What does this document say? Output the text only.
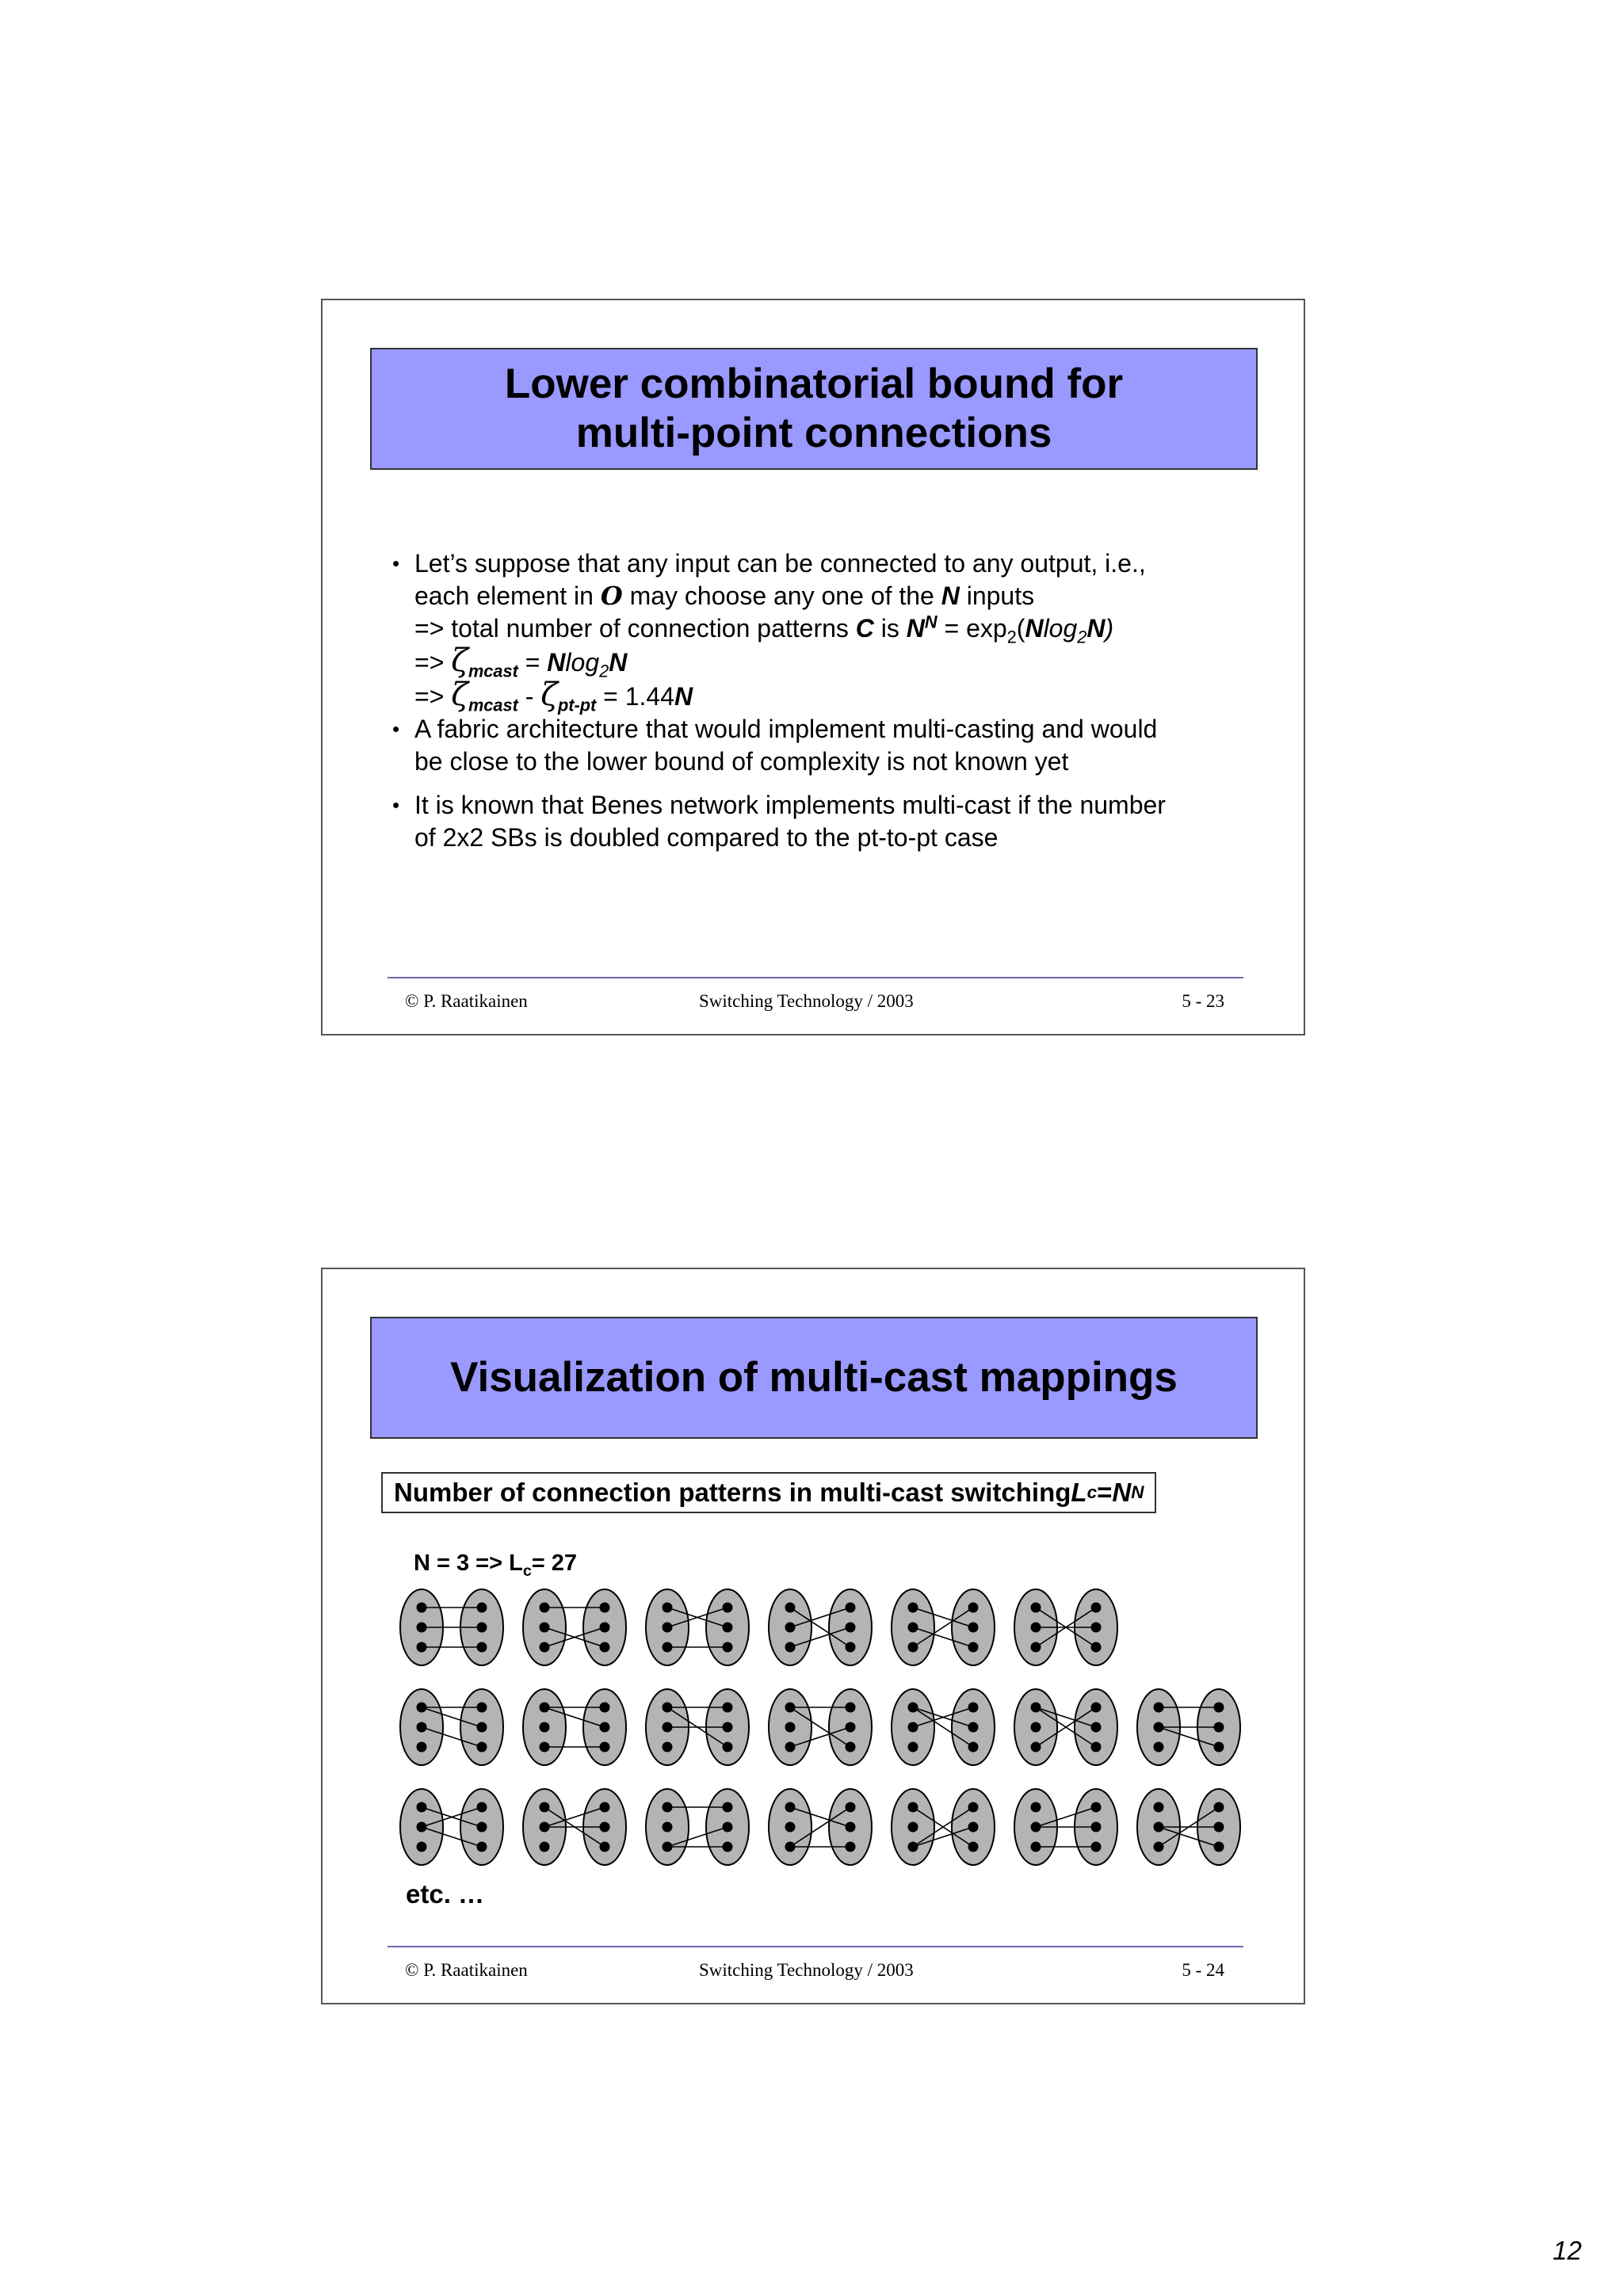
Lower combinatorial bound for
multi-point connections
• Let’s suppose that any input can be connected to any output, i.e.,
each element in O may choose any one of the N inputs
=> total number of connection patterns C is $N^N = \exp_2(Nlog_2N)$
=> $\zeta_{mcast} = Nlog_2N$
=> $\zeta_{mcast} - \zeta_{pt-pt} = 1.44N$
• A fabric architecture that would implement multi-casting and would
be close to the lower bound of complexity is not known yet
• It is known that Benes network implements multi-cast if the number
of 2x2 SBs is doubled compared to the pt-to-pt case
© P. Raatikainen	Switching Technology / 2003	5 - 23
Visualization of multi-cast mappings
Number of connection patterns in multi-cast switching L c = N N
$N = 3 => L_c= 27$
etc. …
© P. Raatikainen	Switching Technology / 2003	5 - 24
12
